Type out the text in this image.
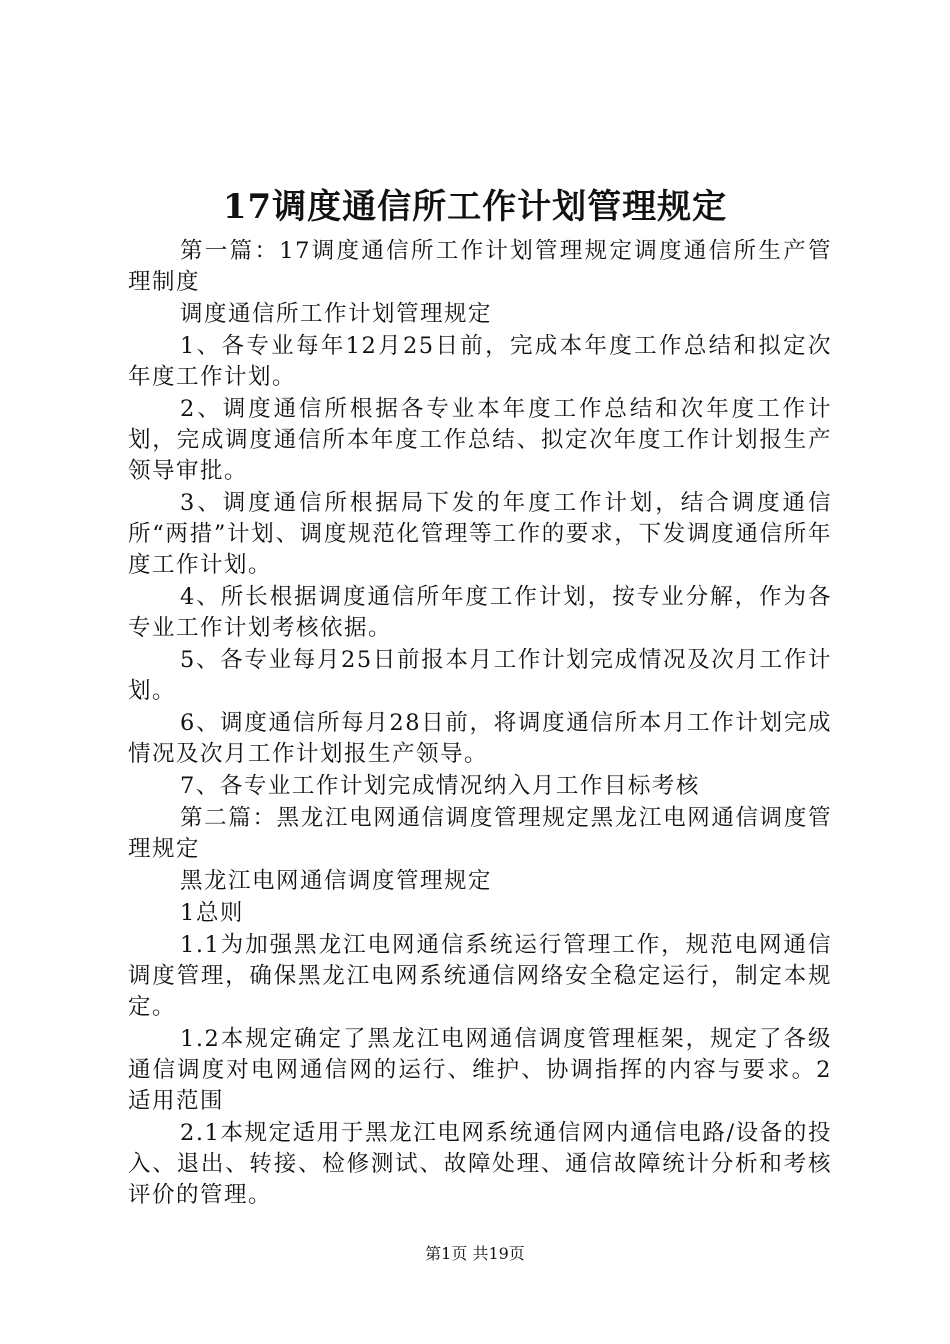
17调度通信所工作计划管理规定

第一篇：17调度通信所工作计划管理规定调度通信所生产管理制度

调度通信所工作计划管理规定

1、各专业每年12月25日前，完成本年度工作总结和拟定次年度工作计划。

2、调度通信所根据各专业本年度工作总结和次年度工作计划，完成调度通信所本年度工作总结、拟定次年度工作计划报生产领导审批。

3、调度通信所根据局下发的年度工作计划，结合调度通信所“两措”计划、调度规范化管理等工作的要求，下发调度通信所年度工作计划。

4、所长根据调度通信所年度工作计划，按专业分解，作为各专业工作计划考核依据。

5、各专业每月25日前报本月工作计划完成情况及次月工作计划。

6、调度通信所每月28日前，将调度通信所本月工作计划完成情况及次月工作计划报生产领导。

7、各专业工作计划完成情况纳入月工作目标考核

第二篇：黑龙江电网通信调度管理规定黑龙江电网通信调度管理规定

黑龙江电网通信调度管理规定

1总则

1.1为加强黑龙江电网通信系统运行管理工作，规范电网通信调度管理，确保黑龙江电网系统通信网络安全稳定运行，制定本规定。

1.2本规定确定了黑龙江电网通信调度管理框架，规定了各级通信调度对电网通信网的运行、维护、协调指挥的内容与要求。2适用范围

2.1本规定适用于黑龙江电网系统通信网内通信电路/设备的投入、退出、转接、检修测试、故障处理、通信故障统计分析和考核评价的管理。

第1页 共19页
